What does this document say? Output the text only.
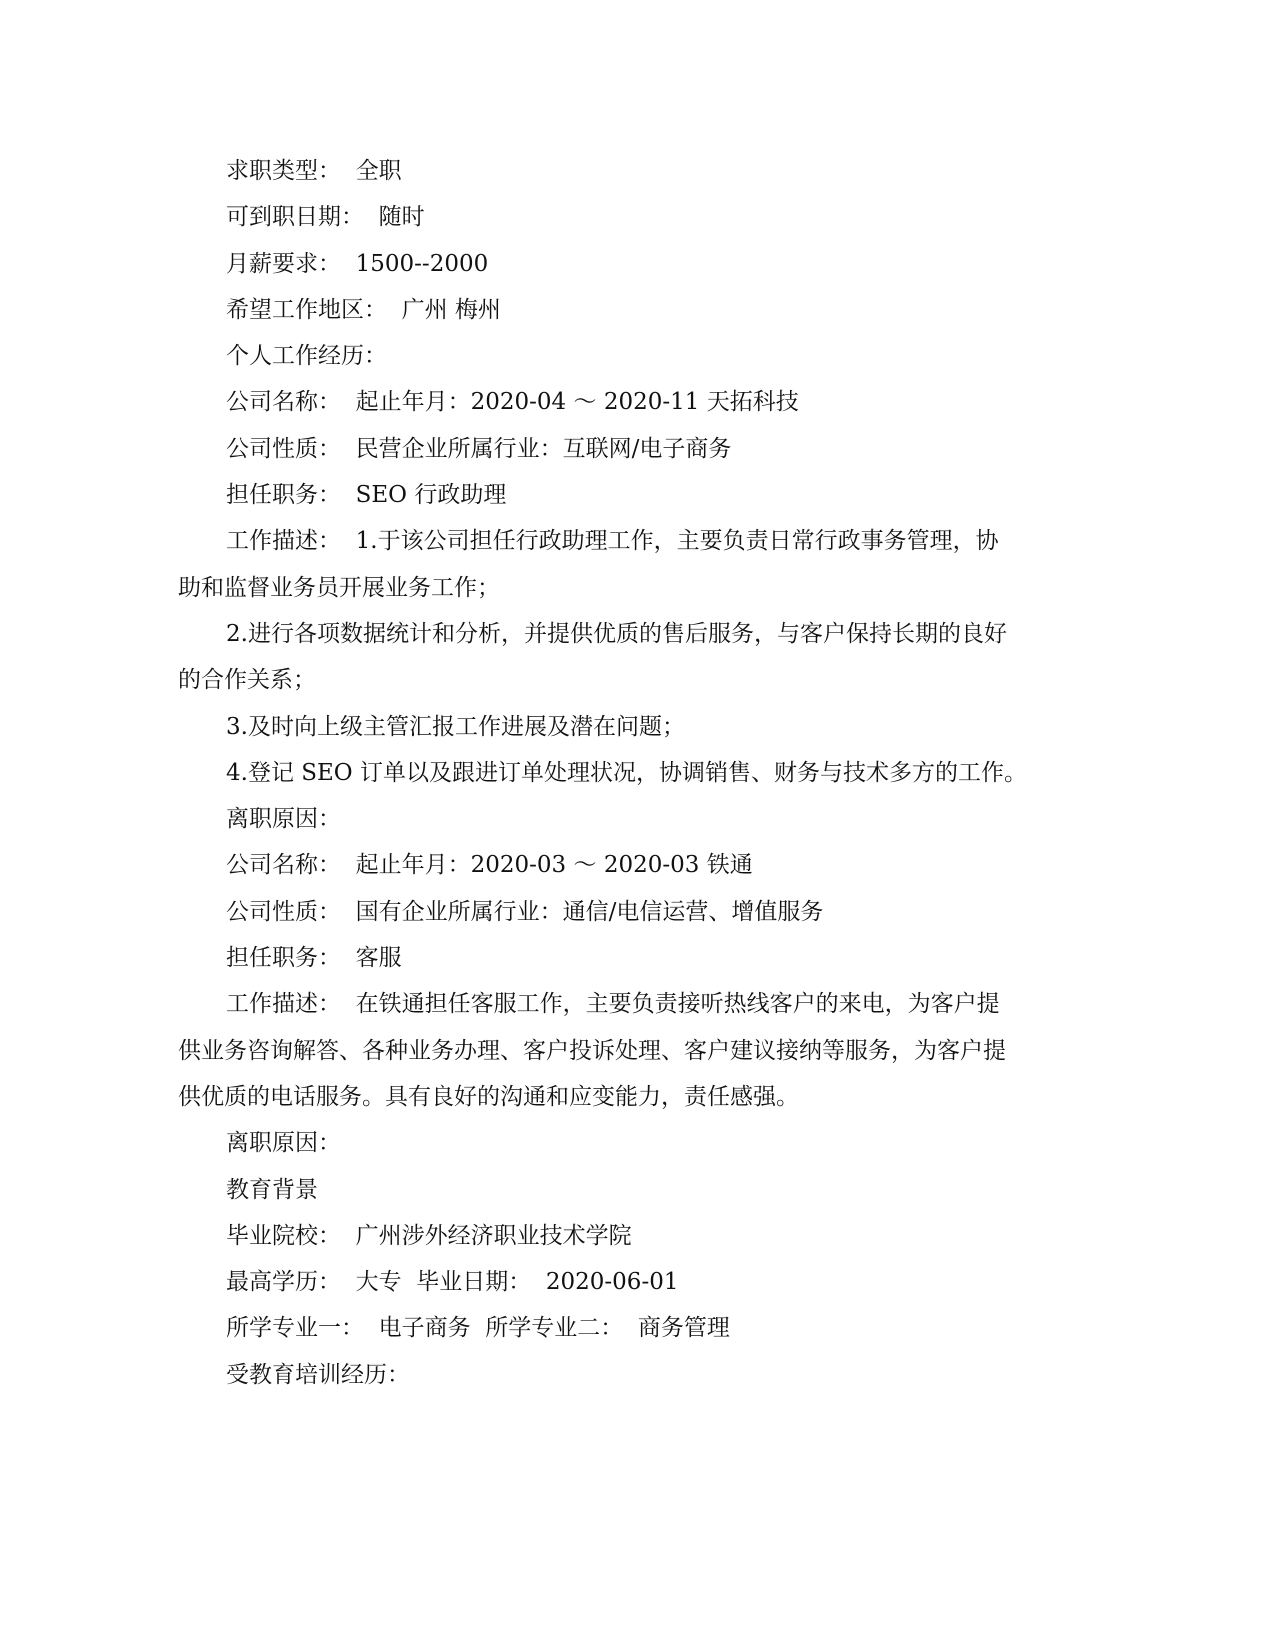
求职类型：  全职
可到职日期：  随时
月薪要求：  1500--2000
希望工作地区：  广州 梅州
个人工作经历：
公司名称：  起止年月：2020-04 ～ 2020-11 天拓科技
公司性质：  民营企业所属行业：互联网/电子商务
担任职务：  SEO 行政助理
工作描述：  1.于该公司担任行政助理工作，主要负责日常行政事务管理，协
助和监督业务员开展业务工作；
2.进行各项数据统计和分析，并提供优质的售后服务，与客户保持长期的良好
的合作关系；
3.及时向上级主管汇报工作进展及潜在问题；
4.登记 SEO 订单以及跟进订单处理状况，协调销售、财务与技术多方的工作。
离职原因：
公司名称：  起止年月：2020-03 ～ 2020-03 铁通
公司性质：  国有企业所属行业：通信/电信运营、增值服务
担任职务：  客服
工作描述：  在铁通担任客服工作，主要负责接听热线客户的来电，为客户提
供业务咨询解答、各种业务办理、客户投诉处理、客户建议接纳等服务，为客户提
供优质的电话服务。具有良好的沟通和应变能力，责任感强。
离职原因：
教育背景
毕业院校：  广州涉外经济职业技术学院
最高学历：  大专  毕业日期：  2020-06-01
所学专业一：  电子商务  所学专业二：  商务管理
受教育培训经历：
